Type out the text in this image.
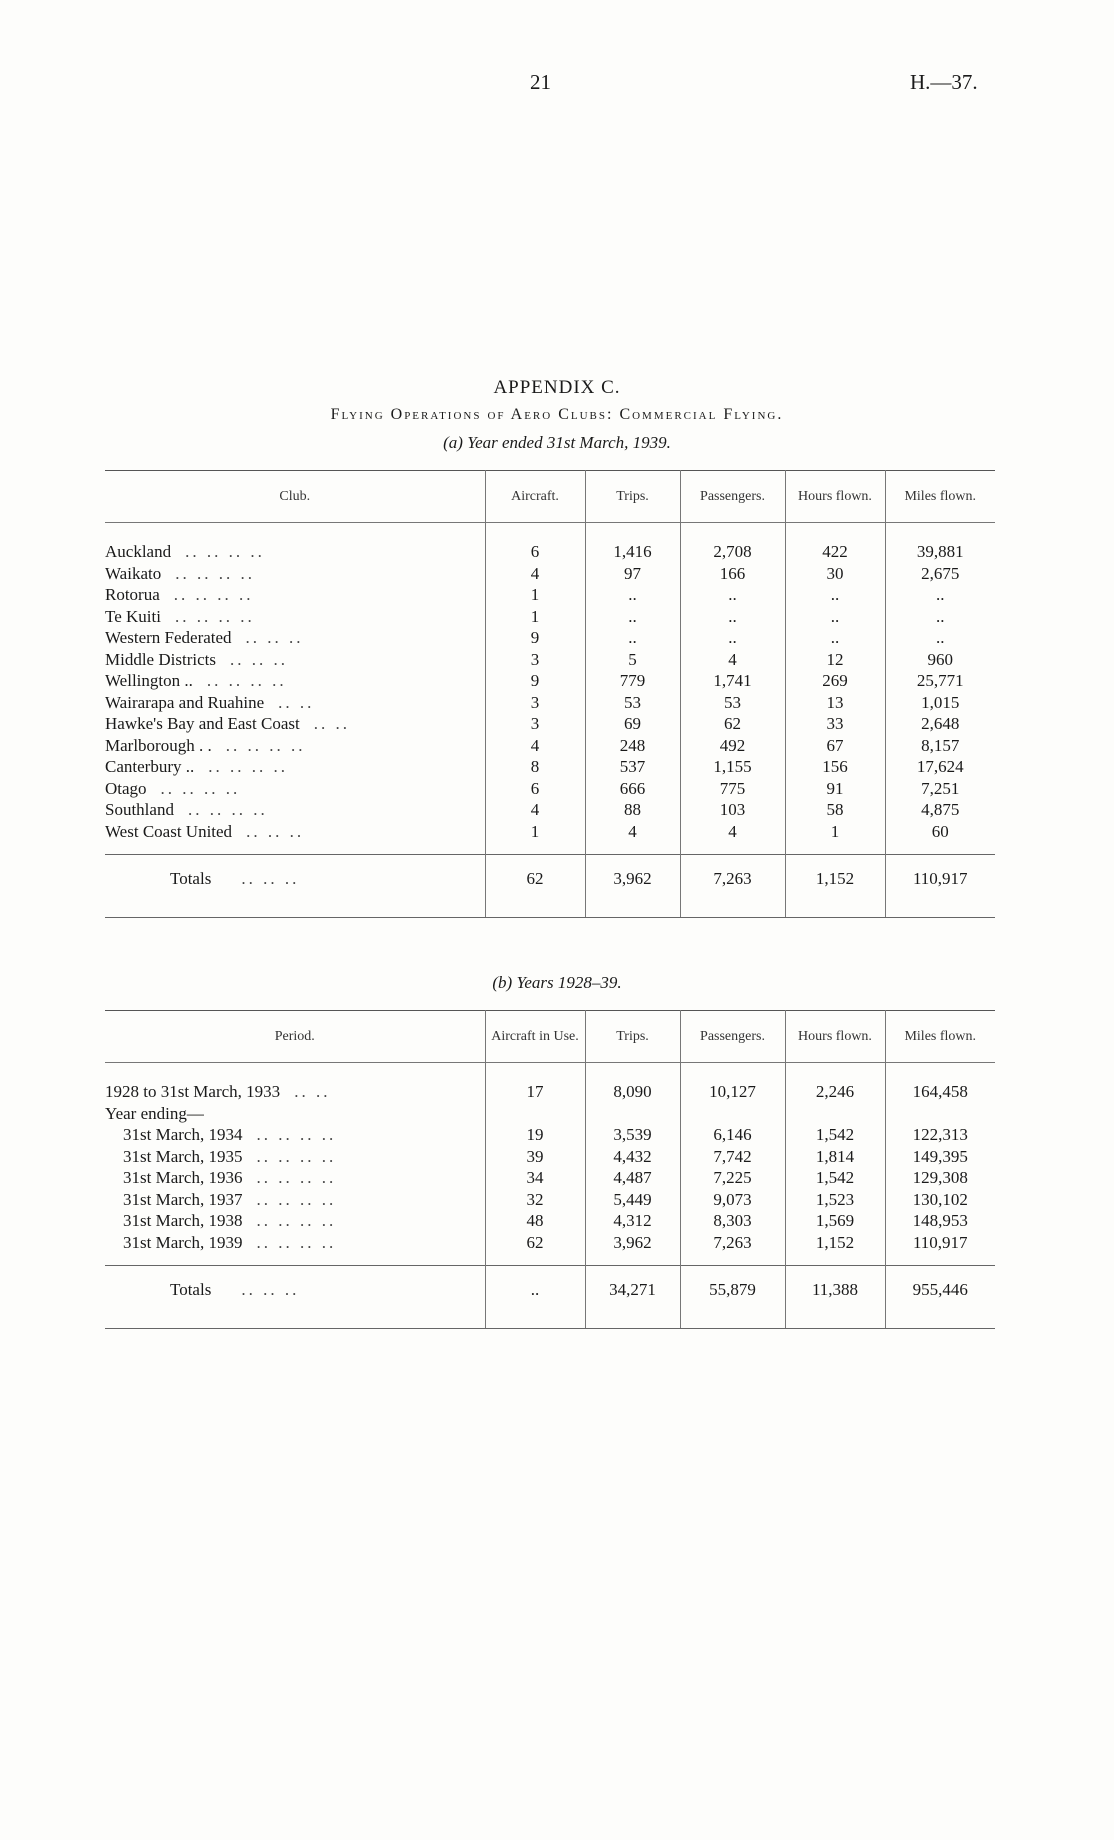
21	H.—37.
APPENDIX C.
Flying Operations of Aero Clubs: Commercial Flying.
(a) Year ended 31st March, 1939.
Club.	Aircraft.	Trips.	Passengers.	Hours flown.	Miles flown.

Auckland .. .. .. ..	6	1,416	2,708	422	39,881
Waikato .. .. .. ..	4	97	166	30	2,675
Rotorua .. .. .. ..	1	..	..	..	..
Te Kuiti .. .. .. ..	1	..	..	..	..
Western Federated .. .. ..	9	..	..	..	..
Middle Districts .. .. ..	3	5	4	12	960
Wellington .. .. .. .. ..	9	779	1,741	269	25,771
Wairarapa and Ruahine .. ..	3	53	53	13	1,015
Hawke's Bay and East Coast .. ..	3	69	62	33	2,648
Marlborough . . .. .. .. ..	4	248	492	67	8,157
Canterbury .. .. .. .. ..	8	537	1,155	156	17,624
Otago .. .. .. ..	6	666	775	91	7,251
Southland .. .. .. ..	4	88	103	58	4,875
West Coast United .. .. ..	1	4	4	1	60

Totals .. .. ..	62	3,962	7,263	1,152	110,917

(b) Years 1928–39.
Period.	Aircraft in Use.	Trips.	Passengers.	Hours flown.	Miles flown.

1928 to 31st March, 1933 .. ..	17	8,090	10,127	2,246	164,458
Year ending—					
31st March, 1934 .. .. .. ..	19	3,539	6,146	1,542	122,313
31st March, 1935 .. .. .. ..	39	4,432	7,742	1,814	149,395
31st March, 1936 .. .. .. ..	34	4,487	7,225	1,542	129,308
31st March, 1937 .. .. .. ..	32	5,449	9,073	1,523	130,102
31st March, 1938 .. .. .. ..	48	4,312	8,303	1,569	148,953
31st March, 1939 .. .. .. ..	62	3,962	7,263	1,152	110,917

Totals .. .. ..	..	34,271	55,879	11,388	955,446
